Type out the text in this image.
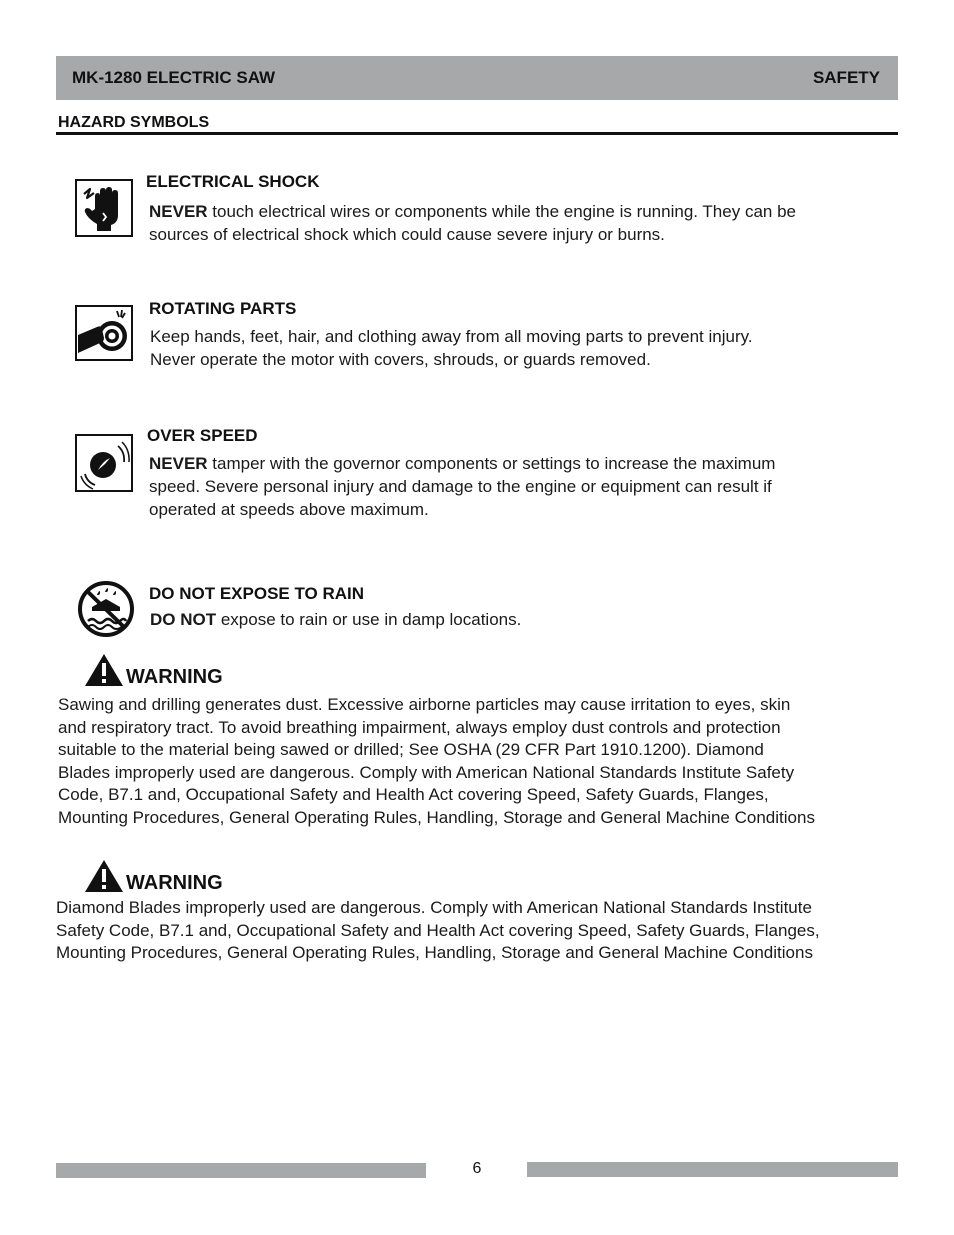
MK-1280 ELECTRIC SAW	SAFETY
HAZARD SYMBOLS
ELECTRICAL SHOCK
NEVER touch electrical wires or components while the engine is running. They can be
sources of electrical shock which could cause severe injury or burns.
ROTATING PARTS
Keep hands, feet, hair, and clothing away from all moving parts to prevent injury.
Never operate the motor with covers, shrouds, or guards removed.
OVER SPEED
NEVER tamper with the governor components or settings to increase the maximum
speed. Severe personal injury and damage to the engine or equipment can result if
operated at speeds above maximum.
DO NOT EXPOSE TO RAIN
DO NOT expose to rain or use in damp locations.
WARNING
Sawing and drilling generates dust. Excessive airborne particles may cause irritation to eyes, skin
and respiratory tract. To avoid breathing impairment, always employ dust controls and protection
suitable to the material being sawed or drilled; See OSHA (29 CFR Part 1910.1200). Diamond
Blades improperly used are dangerous. Comply with American National Standards Institute Safety
Code, B7.1 and, Occupational Safety and Health Act covering Speed, Safety Guards, Flanges,
Mounting Procedures, General Operating Rules, Handling, Storage and General Machine Conditions
WARNING
Diamond Blades improperly used are dangerous. Comply with American National Standards Institute
Safety Code, B7.1 and, Occupational Safety and Health Act covering Speed, Safety Guards, Flanges,
Mounting Procedures, General Operating Rules, Handling, Storage and General Machine Conditions
6
